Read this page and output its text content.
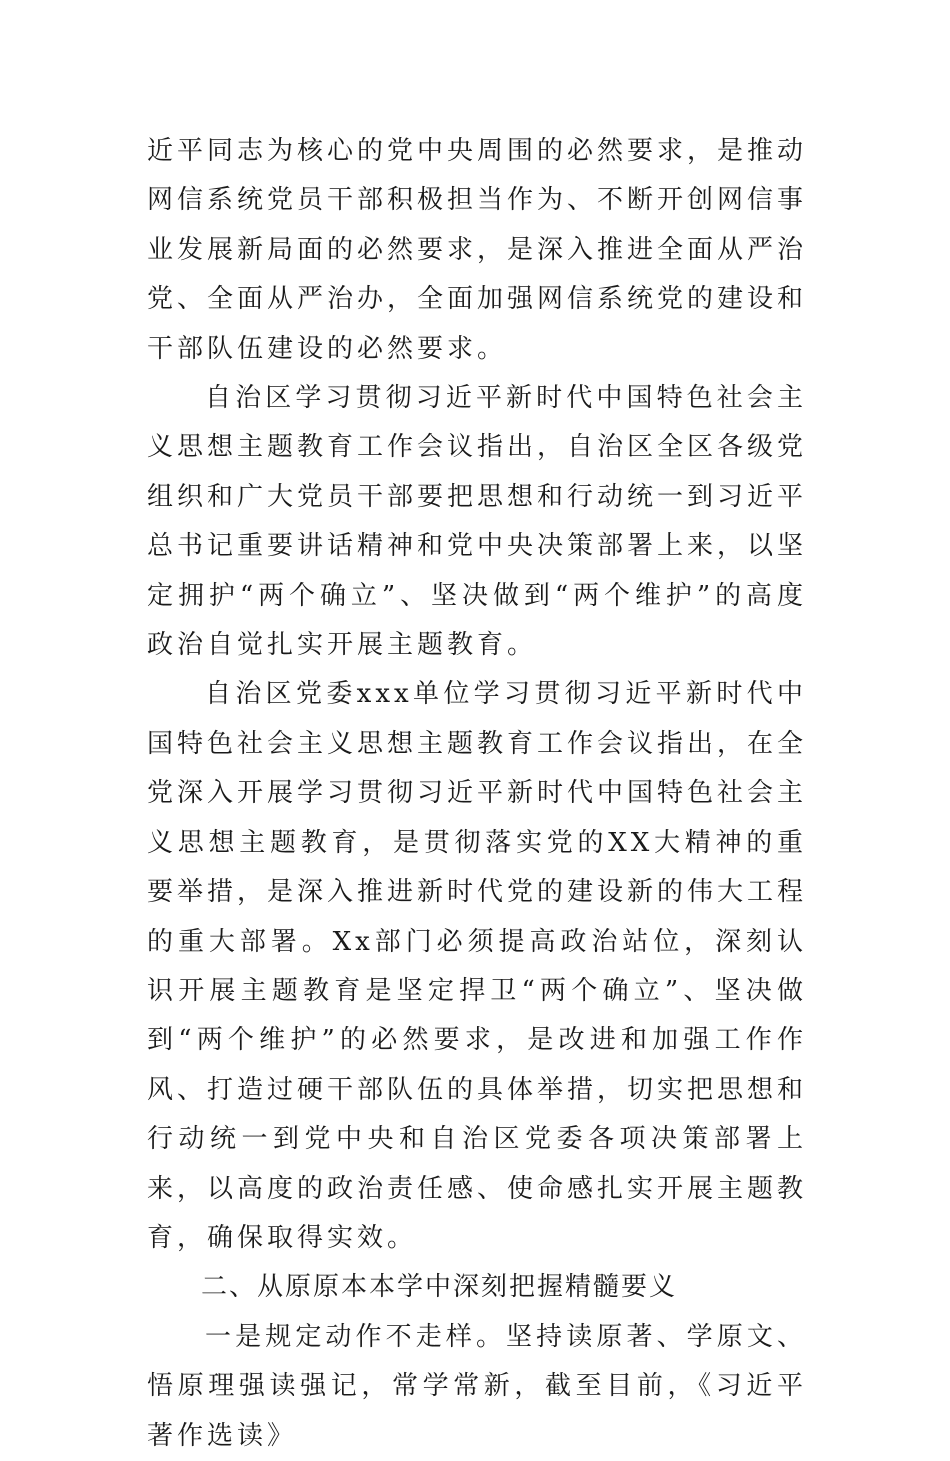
近平同志为核心的党中央周围的必然要求，是推动网信系统党员干部积极担当作为、不断开创网信事业发展新局面的必然要求，是深入推进全面从严治党、全面从严治办，全面加强网信系统党的建设和干部队伍建设的必然要求。

自治区学习贯彻习近平新时代中国特色社会主义思想主题教育工作会议指出，自治区全区各级党组织和广大党员干部要把思想和行动统一到习近平总书记重要讲话精神和党中央决策部署上来，以坚定拥护“两个确立”、坚决做到“两个维护”的高度政治自觉扎实开展主题教育。

自治区党委xxx单位学习贯彻习近平新时代中国特色社会主义思想主题教育工作会议指出，在全党深入开展学习贯彻习近平新时代中国特色社会主义思想主题教育，是贯彻落实党的XX大精神的重要举措，是深入推进新时代党的建设新的伟大工程的重大部署。Xx部门必须提高政治站位，深刻认识开展主题教育是坚定捍卫“两个确立”、坚决做到“两个维护”的必然要求，是改进和加强工作作风、打造过硬干部队伍的具体举措，切实把思想和行动统一到党中央和自治区党委各项决策部署上来，以高度的政治责任感、使命感扎实开展主题教育，确保取得实效。

二、从原原本本学中深刻把握精髓要义

一是规定动作不走样。坚持读原著、学原文、悟原理强读强记，常学常新，截至目前，《习近平著作选读》
